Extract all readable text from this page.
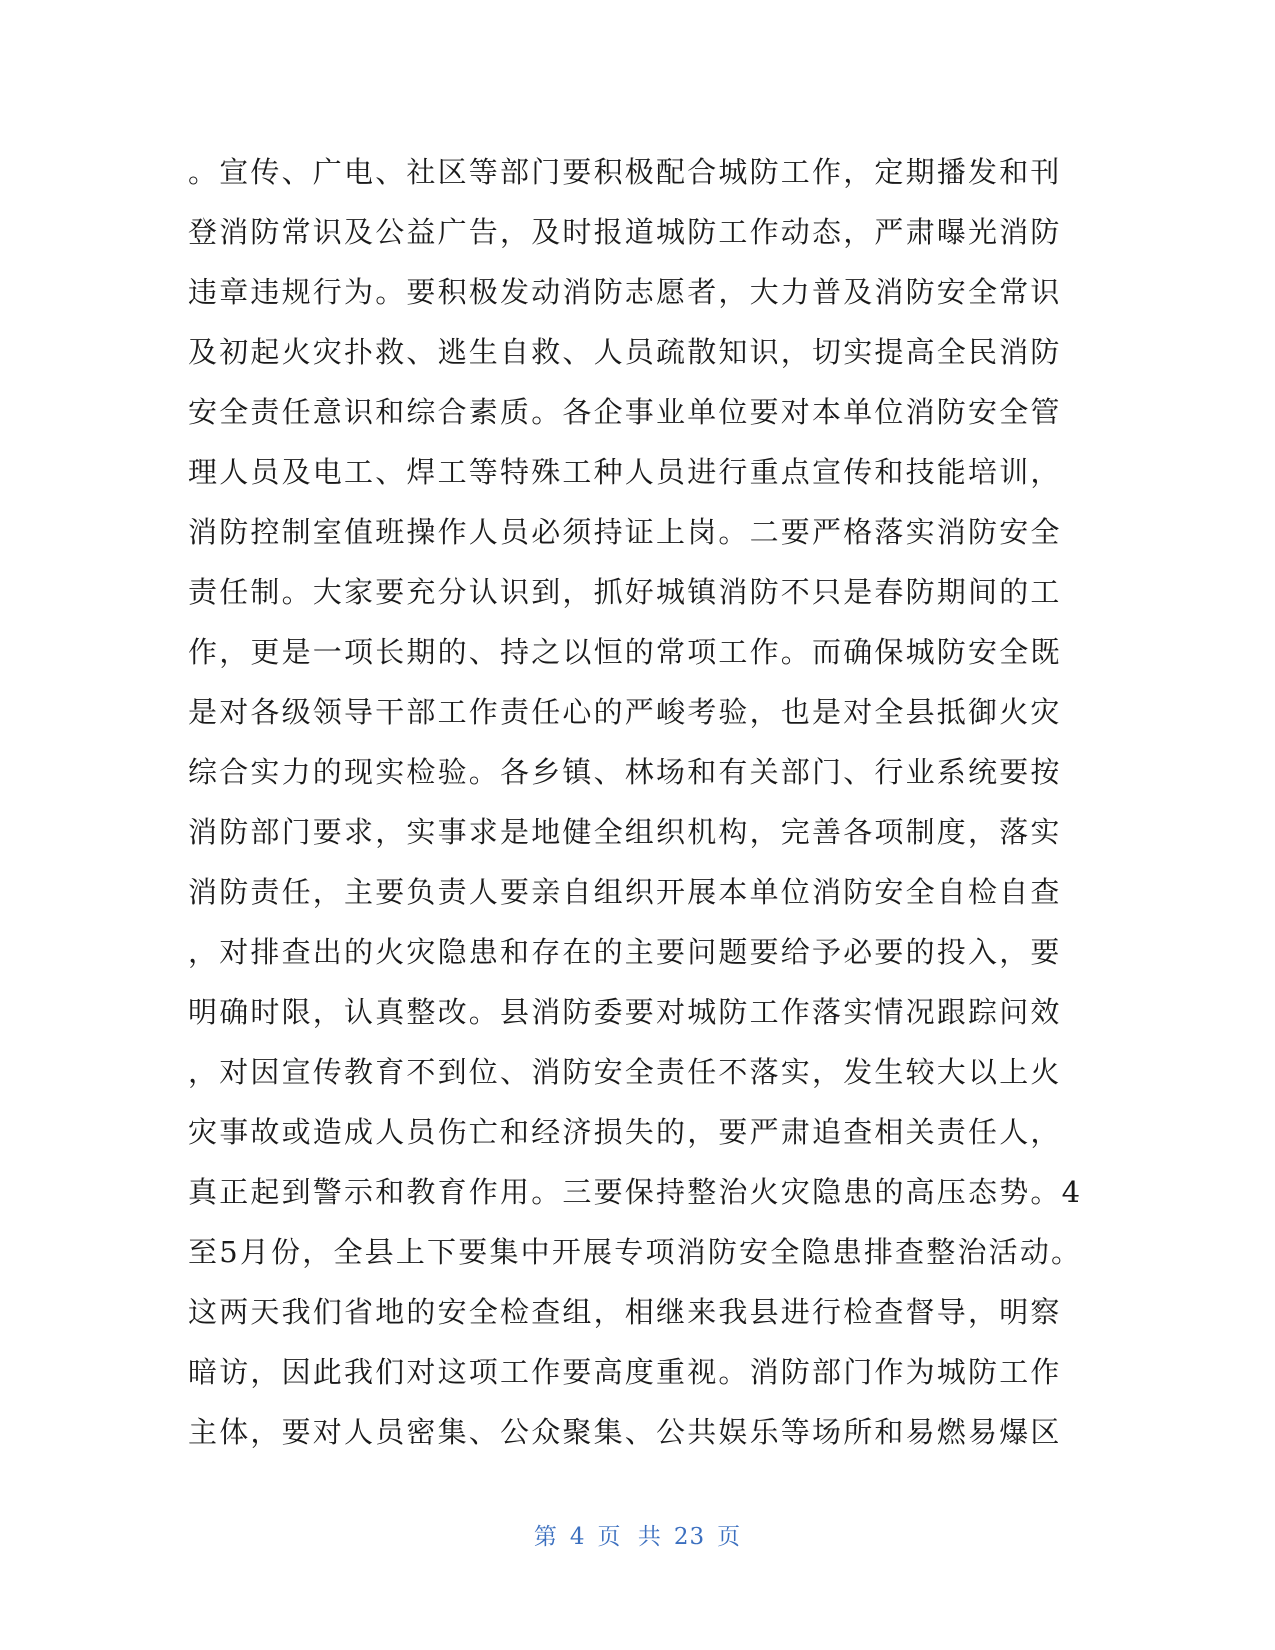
。宣传、广电、社区等部门要积极配合城防工作，定期播发和刊
登消防常识及公益广告，及时报道城防工作动态，严肃曝光消防
违章违规行为。要积极发动消防志愿者，大力普及消防安全常识
及初起火灾扑救、逃生自救、人员疏散知识，切实提高全民消防
安全责任意识和综合素质。各企事业单位要对本单位消防安全管
理人员及电工、焊工等特殊工种人员进行重点宣传和技能培训，
消防控制室值班操作人员必须持证上岗。二要严格落实消防安全
责任制。大家要充分认识到，抓好城镇消防不只是春防期间的工
作，更是一项长期的、持之以恒的常项工作。而确保城防安全既
是对各级领导干部工作责任心的严峻考验，也是对全县抵御火灾
综合实力的现实检验。各乡镇、林场和有关部门、行业系统要按
消防部门要求，实事求是地健全组织机构，完善各项制度，落实
消防责任，主要负责人要亲自组织开展本单位消防安全自检自查
，对排查出的火灾隐患和存在的主要问题要给予必要的投入，要
明确时限，认真整改。县消防委要对城防工作落实情况跟踪问效
，对因宣传教育不到位、消防安全责任不落实，发生较大以上火
灾事故或造成人员伤亡和经济损失的，要严肃追查相关责任人，
真正起到警示和教育作用。三要保持整治火灾隐患的高压态势。4
至5月份，全县上下要集中开展专项消防安全隐患排查整治活动。
这两天我们省地的安全检查组，相继来我县进行检查督导，明察
暗访，因此我们对这项工作要高度重视。消防部门作为城防工作
主体，要对人员密集、公众聚集、公共娱乐等场所和易燃易爆区
第 4 页 共 23 页
